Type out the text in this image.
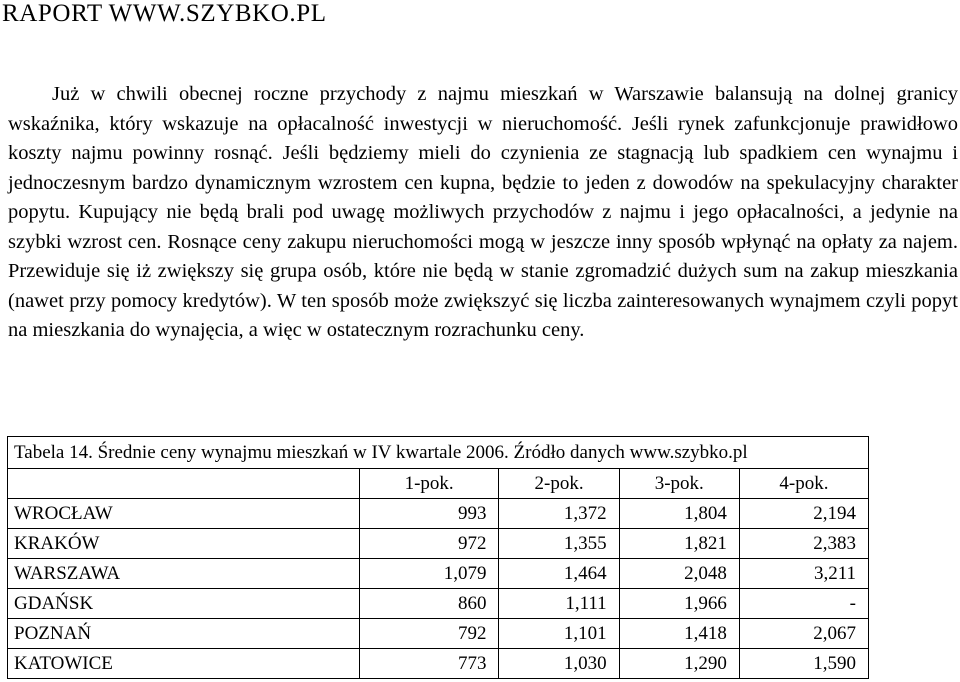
RAPORT WWW.SZYBKO.PL

Już w chwili obecnej roczne przychody z najmu mieszkań w Warszawie balansują na dolnej granicy wskaźnika, który wskazuje na opłacalność inwestycji w nieruchomość. Jeśli rynek zafunkcjonuje prawidłowo koszty najmu powinny rosnąć. Jeśli będziemy mieli do czynienia ze stagnacją lub spadkiem cen wynajmu i jednoczesnym bardzo dynamicznym wzrostem cen kupna, będzie to jeden z dowodów na spekulacyjny charakter popytu. Kupujący nie będą brali pod uwagę możliwych przychodów z najmu i jego opłacalności, a jedynie na szybki wzrost cen. Rosnące ceny zakupu nieruchomości mogą w jeszcze inny sposób wpłynąć na opłaty za najem. Przewiduje się iż zwiększy się grupa osób, które nie będą w stanie zgromadzić dużych sum na zakup mieszkania (nawet przy pomocy kredytów). W ten sposób może zwiększyć się liczba zainteresowanych wynajmem czyli popyt na mieszkania do wynajęcia, a więc w ostatecznym rozrachunku ceny.

Tabela 14. Średnie ceny wynajmu mieszkań w IV kwartale 2006. Źródło danych www.szybko.pl				
	1-pok.	2-pok.	3-pok.	4-pok.
WROCŁAW	993	1,372	1,804	2,194
KRAKÓW	972	1,355	1,821	2,383
WARSZAWA	1,079	1,464	2,048	3,211
GDAŃSK	860	1,111	1,966	-
POZNAŃ	792	1,101	1,418	2,067
KATOWICE	773	1,030	1,290	1,590
